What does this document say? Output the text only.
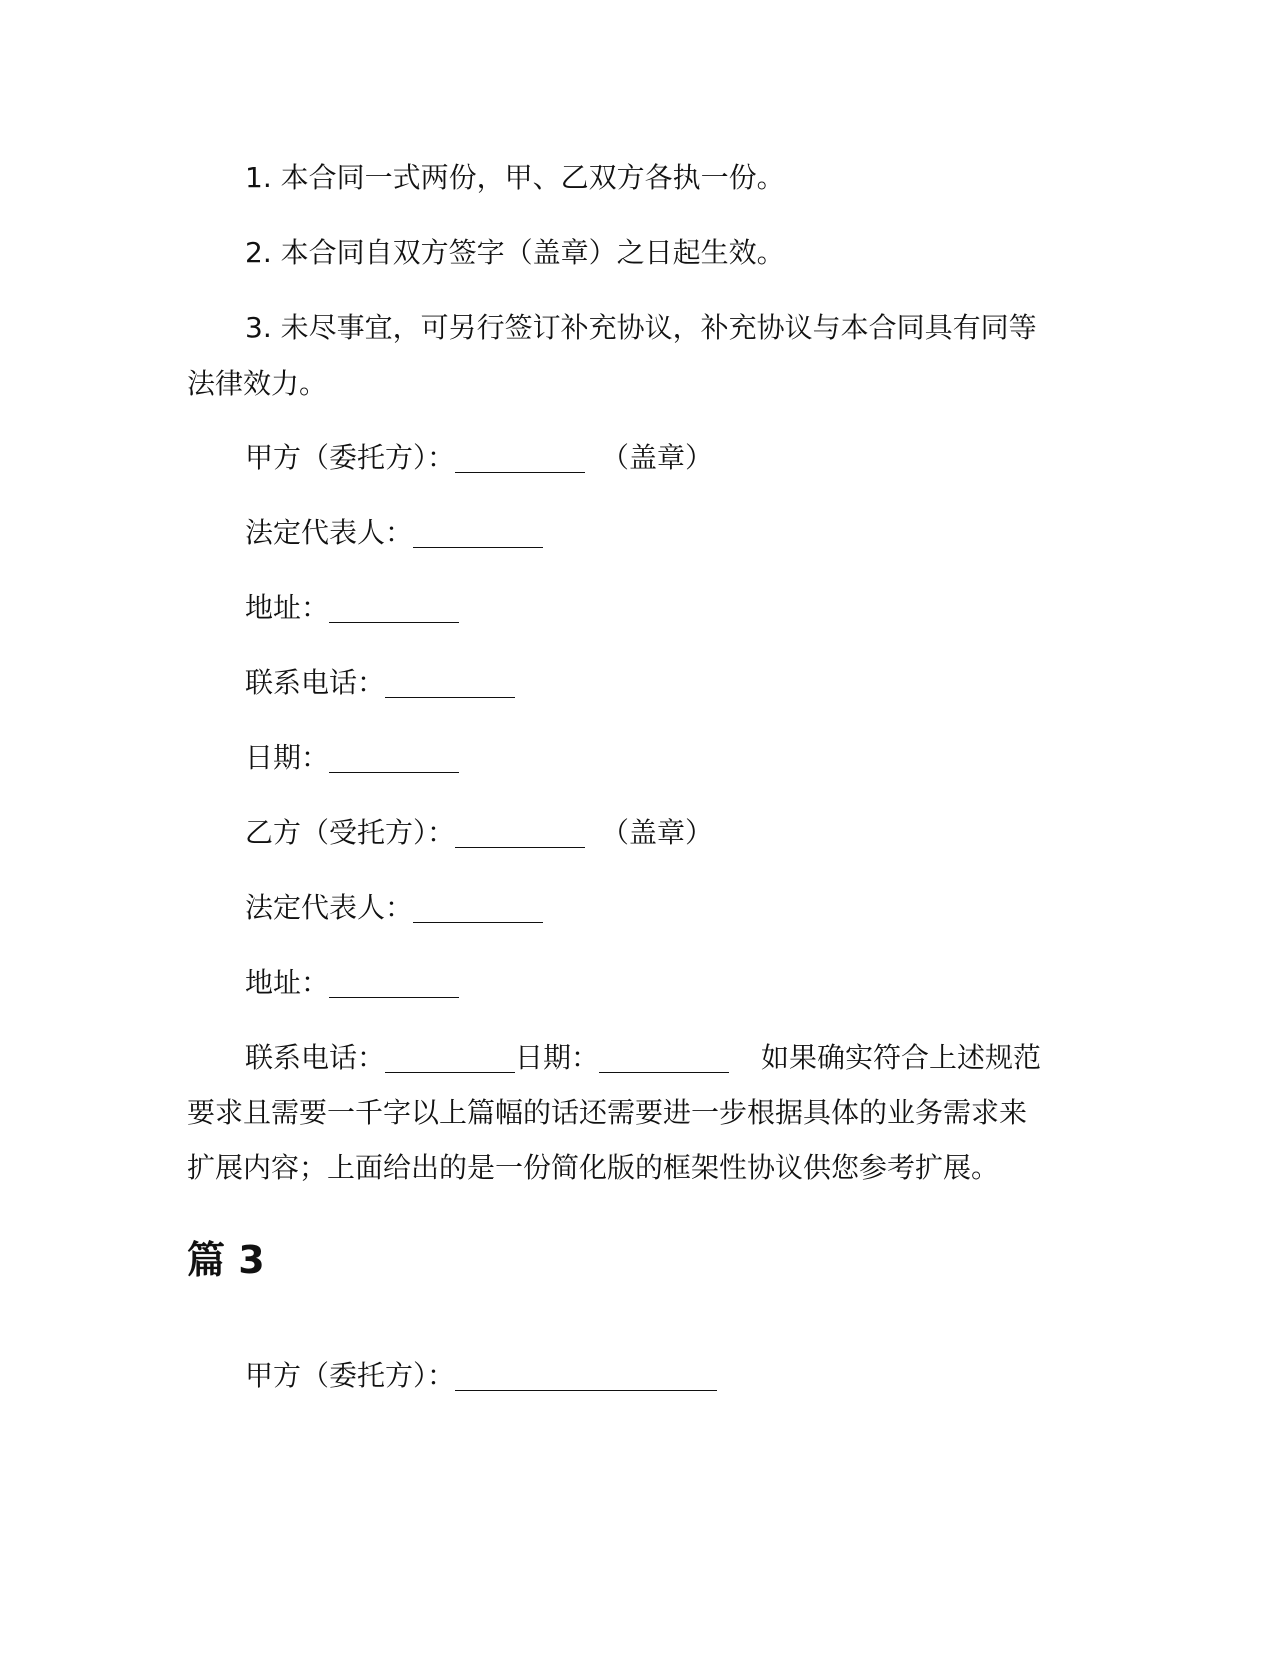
1. 本合同一式两份，甲、乙双方各执一份。
2. 本合同自双方签字（盖章）之日起生效。
3. 未尽事宜，可另行签订补充协议，补充协议与本合同具有同等
法律效力。
甲方（委托方）：	（盖章）
法定代表人：
地址：
联系电话：
日期：
乙方（受托方）：	（盖章）
法定代表人：
地址：
联系电话：	日期：	如果确实符合上述规范
要求且需要一千字以上篇幅的话还需要进一步根据具体的业务需求来
扩展内容；上面给出的是一份简化版的框架性协议供您参考扩展。
篇 3
甲方（委托方）：
